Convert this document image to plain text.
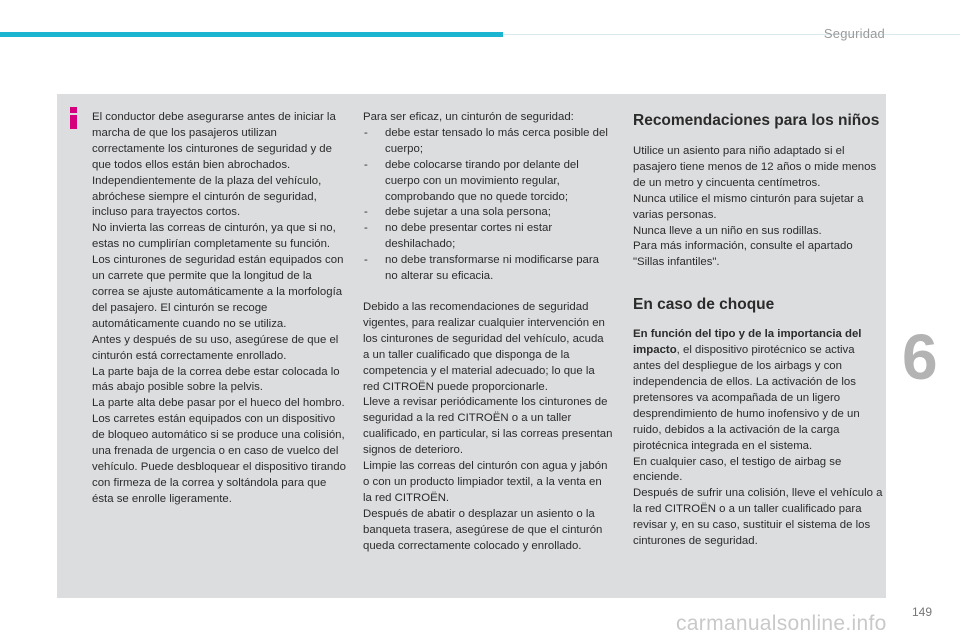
Seguridad

El conductor debe asegurarse antes de iniciar la marcha de que los pasajeros utilizan correctamente los cinturones de seguridad y de que todos ellos están bien abrochados.

Independientemente de la plaza del vehículo, abróchese siempre el cinturón de seguridad, incluso para trayectos cortos.

No invierta las correas de cinturón, ya que si no, estas no cumplirían completamente su función.

Los cinturones de seguridad están equipados con un carrete que permite que la longitud de la correa se ajuste automáticamente a la morfología del pasajero. El cinturón se recoge automáticamente cuando no se utiliza.

Antes y después de su uso, asegúrese de que el cinturón está correctamente enrollado.

La parte baja de la correa debe estar colocada lo más abajo posible sobre la pelvis.

La parte alta debe pasar por el hueco del hombro.

Los carretes están equipados con un dispositivo de bloqueo automático si se produce una colisión, una frenada de urgencia o en caso de vuelco del vehículo. Puede desbloquear el dispositivo tirando con firmeza de la correa y soltándola para que ésta se enrolle ligeramente.

Para ser eficaz, un cinturón de seguridad:

- debe estar tensado lo más cerca posible del cuerpo;
- debe colocarse tirando por delante del cuerpo con un movimiento regular, comprobando que no quede torcido;
- debe sujetar a una sola persona;
- no debe presentar cortes ni estar deshilachado;
- no debe transformarse ni modificarse para no alterar su eficacia.

Debido a las recomendaciones de seguridad vigentes, para realizar cualquier intervención en los cinturones de seguridad del vehículo, acuda a un taller cualificado que disponga de la competencia y el material adecuado; lo que la red CITROËN puede proporcionarle.

Lleve a revisar periódicamente los cinturones de seguridad a la red CITROËN o a un taller cualificado, en particular, si las correas presentan signos de deterioro.

Limpie las correas del cinturón con agua y jabón o con un producto limpiador textil, a la venta en la red CITROËN.

Después de abatir o desplazar un asiento o la banqueta trasera, asegúrese de que el cinturón queda correctamente colocado y enrollado.

Recomendaciones para los niños

Utilice un asiento para niño adaptado si el pasajero tiene menos de 12 años o mide menos de un metro y cincuenta centímetros.

Nunca utilice el mismo cinturón para sujetar a varias personas.

Nunca lleve a un niño en sus rodillas.

Para más información, consulte el apartado "Sillas infantiles".

En caso de choque

En función del tipo y de la importancia del impacto, el dispositivo pirotécnico se activa antes del despliegue de los airbags y con independencia de ellos. La activación de los pretensores va acompañada de un ligero desprendimiento de humo inofensivo y de un ruido, debidos a la activación de la carga pirotécnica integrada en el sistema.

En cualquier caso, el testigo de airbag se enciende.

Después de sufrir una colisión, lleve el vehículo a la red CITROËN o a un taller cualificado para revisar y, en su caso, sustituir el sistema de los cinturones de seguridad.

6
carmanualsonline.info 149
